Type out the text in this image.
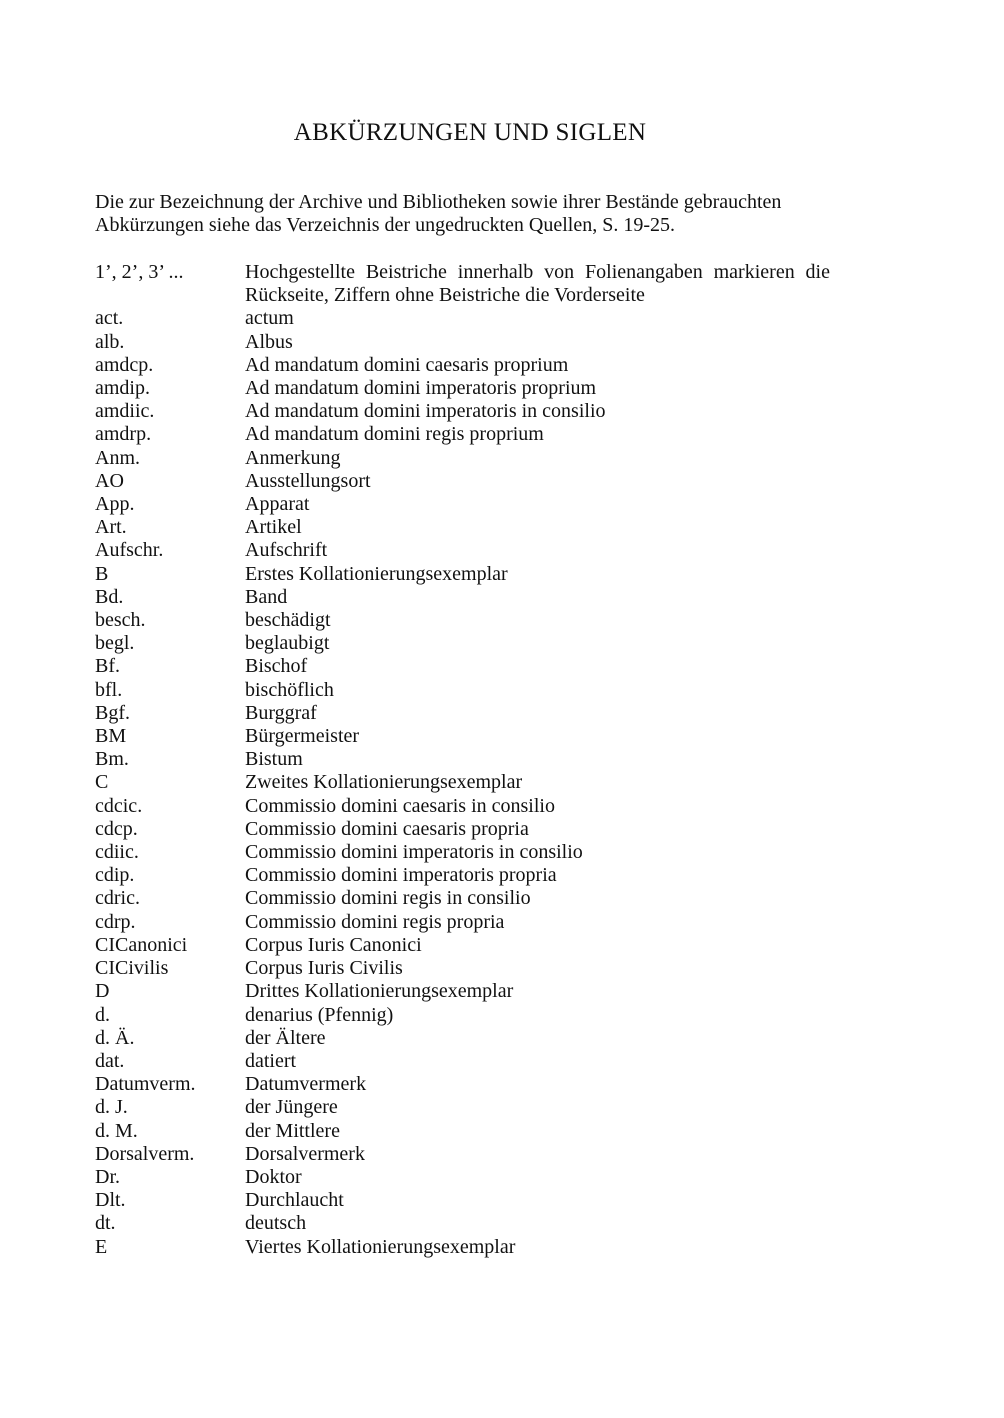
ABKÜRZUNGEN UND SIGLEN
Die zur Bezeichnung der Archive und Bibliotheken sowie ihrer Bestände gebrauchten
Abkürzungen siehe das Verzeichnis der ungedruckten Quellen, S. 19-25.
1’, 2’, 3’ ...	Hochgestellte Beistriche innerhalb von Folienangaben markieren die Rückseite, Ziffern ohne Beistriche die Vorderseite
act.	actum
alb.	Albus
amdcp.	Ad mandatum domini caesaris proprium
amdip.	Ad mandatum domini imperatoris proprium
amdiic.	Ad mandatum domini imperatoris in consilio
amdrp.	Ad mandatum domini regis proprium
Anm.	Anmerkung
AO	Ausstellungsort
App.	Apparat
Art.	Artikel
Aufschr.	Aufschrift
B	Erstes Kollationierungsexemplar
Bd.	Band
besch.	beschädigt
begl.	beglaubigt
Bf.	Bischof
bfl.	bischöflich
Bgf.	Burggraf
BM	Bürgermeister
Bm.	Bistum
C	Zweites Kollationierungsexemplar
cdcic.	Commissio domini caesaris in consilio
cdcp.	Commissio domini caesaris propria
cdiic.	Commissio domini imperatoris in consilio
cdip.	Commissio domini imperatoris propria
cdric.	Commissio domini regis in consilio
cdrp.	Commissio domini regis propria
CICanonici	Corpus Iuris Canonici
CICivilis	Corpus Iuris Civilis
D	Drittes Kollationierungsexemplar
d.	denarius (Pfennig)
d. Ä.	der Ältere
dat.	datiert
Datumverm.	Datumvermerk
d. J.	der Jüngere
d. M.	der Mittlere
Dorsalverm.	Dorsalvermerk
Dr.	Doktor
Dlt.	Durchlaucht
dt.	deutsch
E	Viertes Kollationierungsexemplar
